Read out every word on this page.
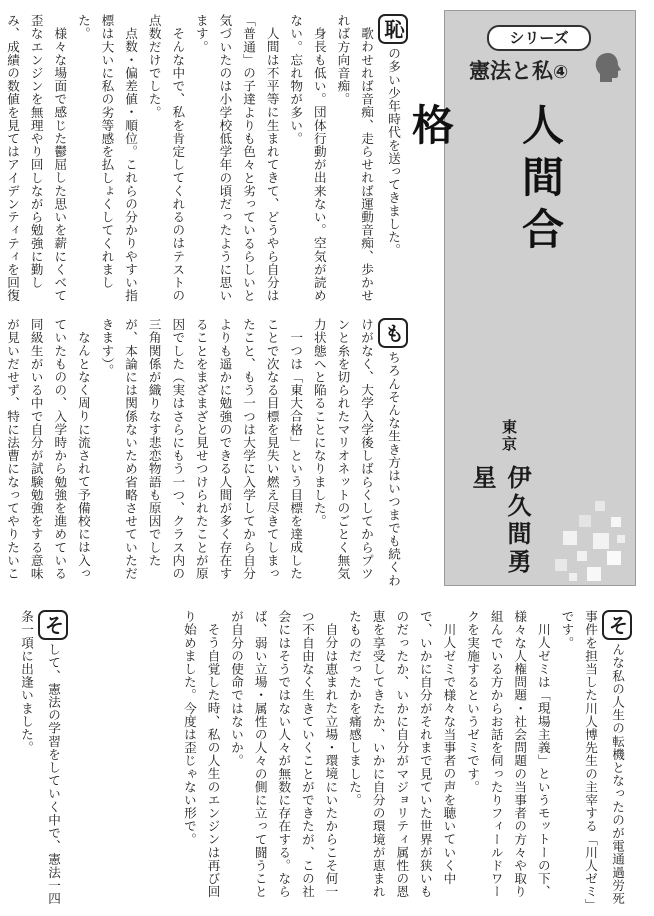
シリーズ
憲法と私④
人間合格
東京
伊久間勇星

恥の多い少年時代を送ってきました。

歌わせれば音痴、走らせれば運動音痴、歩かせれば方向音痴。

身長も低い。団体行動が出来ない。空気が読めない。忘れ物が多い。

人間は不平等に生まれてきて、どうやら自分は「普通」の子達よりも色々と劣っているらしいと気づいたのは小学校低学年の頃だったように思います。

そんな中で、私を肯定してくれるのはテストの点数だけでした。

点数・偏差値・順位。これらの分かりやすい指標は大いに私の劣等感を払しょくしてくれました。

様々な場面で感じた鬱屈した思いを薪にくべて歪なエンジンを無理やり回しながら勉強に勤しみ、成績の数値を見てはアイデンティティを回復

もちろんそんな生き方はいつまでも続くわけがなく、大学入学後しばらくしてからプツンと糸を切られたマリオネットのごとく無気力状態へと陥ることになりました。

一つは「東大合格」という目標を達成したことで次なる目標を見失い燃え尽きてしまったこと、もう一つは大学に入学してから自分よりも遥かに勉強のできる人間が多く存在することをまざまざと見せつけられたことが原因でした（実はさらにもう一つ、クラス内の三角関係が織りなす悲恋物語も原因でしたが、本論には関係ないため省略させていただきます）。

なんとなく周りに流されて予備校には入っていたものの、入学時から勉強を進めている同級生がいる中で自分が試験勉強をする意味が見いだせず、特に法曹になってやりたいこ

そんな私の人生の転機となったのが電通過労死事件を担当した川人博先生の主宰する「川人ゼミ」です。

川人ゼミは「現場主義」というモットーの下、様々な人権問題・社会問題の当事者の方々や取り組んでいる方からお話を伺ったりフィールドワークを実施するというゼミです。

川人ゼミで様々な当事者の声を聴いていく中で、いかに自分がそれまで見ていた世界が狭いものだったか、いかに自分がマジョリティ属性の恩恵を享受してきたか、いかに自分の環境が恵まれたものだったかを痛感しました。

自分は恵まれた立場・環境にいたからこそ何一つ不自由なく生きていくことができたが、この社会にはそうではない人々が無数に存在する。ならば、弱い立場・属性の人々の側に立って闘うことが自分の使命ではないか。

そう自覚した時、私の人生のエンジンは再び回り始めました。今度は歪じゃない形で。

そして、憲法の学習をしていく中で、憲法一四条一項に出逢いました。
